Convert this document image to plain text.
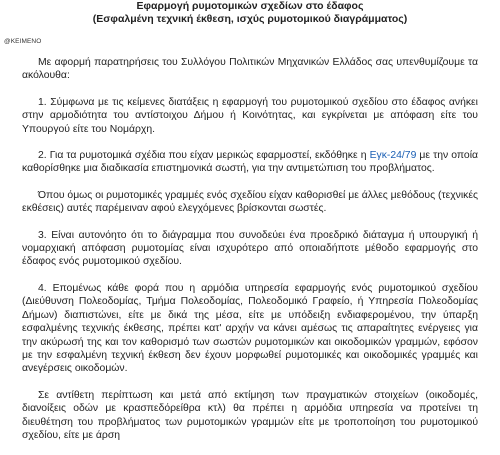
Εφαρμογή ρυμοτομικών σχεδίων στο έδαφος
(Εσφαλμένη τεχνική έκθεση, ισχύς ρυμοτομικού διαγράμματος)
@KEIMENO

Με αφορμή παρατηρήσεις του Συλλόγου Πολιτικών Μηχανικών Ελλάδος σας υπενθυμίζουμε τα ακόλουθα:

1. Σύμφωνα με τις κείμενες διατάξεις η εφαρμογή του ρυμοτομικού σχεδίου στο έδαφος ανήκει στην αρμοδιότητα του αντίστοιχου Δήμου ή Κοινότητας, και εγκρίνεται με απόφαση είτε του Υπουργού είτε του Νομάρχη.

2. Για τα ρυμοτομικά σχέδια που είχαν μερικώς εφαρμοστεί, εκδόθηκε η Εγκ-24/79 με την οποία καθορίσθηκε μια διαδικασία επιστημονικά σωστή, για την αντιμετώπιση του προβλήματος.

Όπου όμως οι ρυμοτομικές γραμμές ενός σχεδίου είχαν καθορισθεί με άλλες μεθόδους (τεχνικές εκθέσεις) αυτές παρέμειναν αφού ελεγχόμενες βρίσκονται σωστές.

3. Είναι αυτονόητο ότι το διάγραμμα που συνοδεύει ένα προεδρικό διάταγμα ή υπουργική ή νομαρχιακή απόφαση ρυμοτομίας είναι ισχυρότερο από οποιαδήποτε μέθοδο εφαρμογής στο έδαφος ενός ρυμοτομικού σχεδίου.

4. Επομένως κάθε φορά που η αρμόδια υπηρεσία εφαρμογής ενός ρυμοτομικού σχεδίου (Διεύθυνση Πολεοδομίας, Τμήμα Πολεοδομίας, Πολεοδομικό Γραφείο, ή Υπηρεσία Πολεοδομίας Δήμων) διαπιστώνει, είτε με δικά της μέσα, είτε με υπόδειξη ενδιαφερομένου, την ύπαρξη εσφαλμένης τεχνικής έκθεσης, πρέπει κατ' αρχήν να κάνει αμέσως τις απαραίτητες ενέργειες για την ακύρωσή της και τον καθορισμό των σωστών ρυμοτομικών και οικοδομικών γραμμών, εφόσον με την εσφαλμένη τεχνική έκθεση δεν έχουν μορφωθεί ρυμοτομικές και οικοδομικές γραμμές και ανεγέρσεις οικοδομών.

Σε αντίθετη περίπτωση και μετά από εκτίμηση των πραγματικών στοιχείων (οικοδομές, διανοίξεις οδών με κρασπεδόρείθρα κτλ) θα πρέπει η αρμόδια υπηρεσία να προτείνει τη διευθέτηση του προβλήματος των ρυμοτομικών γραμμών είτε με τροποποίηση του ρυμοτομικού σχεδίου, είτε με άρση
